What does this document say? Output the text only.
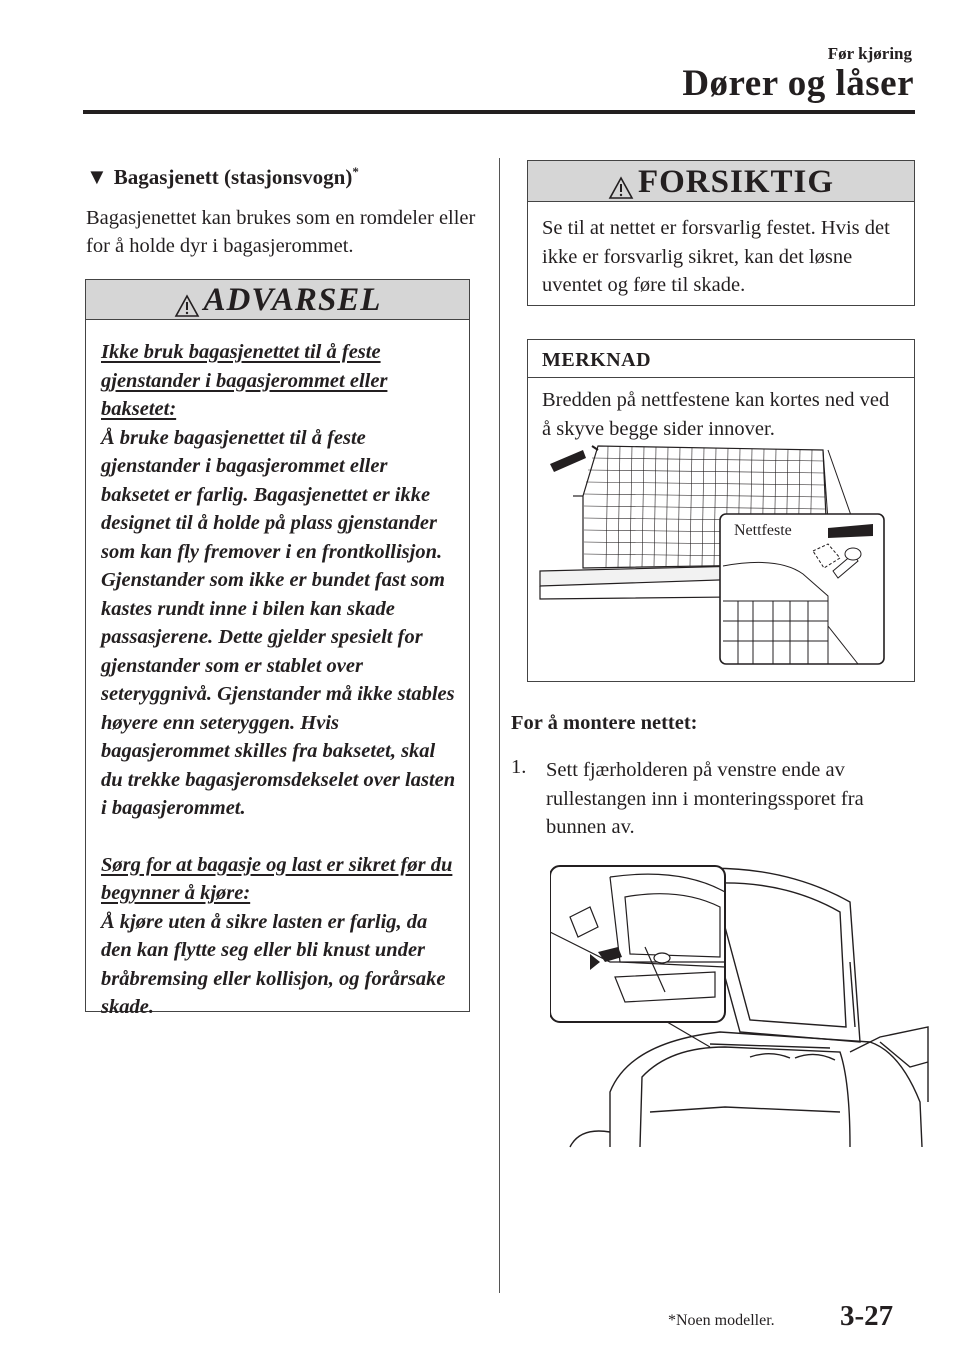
Før kjøring
Dører og låser
▼ Bagasjenett (stasjonsvogn)*
Bagasjenettet kan brukes som en romdeler eller for å holde dyr i bagasjerommet.
ADVARSEL
Ikke bruk bagasjenettet til å feste gjenstander i bagasjerommet eller baksetet:
Å bruke bagasjenettet til å feste gjenstander i bagasjerommet eller baksetet er farlig. Bagasjenettet er ikke designet til å holde på plass gjenstander som kan fly fremover i en frontkollisjon. Gjenstander som ikke er bundet fast som kastes rundt inne i bilen kan skade passasjerene. Dette gjelder spesielt for gjenstander som er stablet over seteryggnivå. Gjenstander må ikke stables høyere enn seteryggen. Hvis bagasjerommet skilles fra baksetet, skal du trekke bagasjeromsdekselet over lasten i bagasjerommet.
Sørg for at bagasje og last er sikret før du begynner å kjøre:
Å kjøre uten å sikre lasten er farlig, da den kan flytte seg eller bli knust under bråbremsing eller kollisjon, og forårsake skade.
FORSIKTIG
Se til at nettet er forsvarlig festet. Hvis det ikke er forsvarlig sikret, kan det løsne uventet og føre til skade.
MERKNAD
Bredden på nettfestene kan kortes ned ved å skyve begge sider innover.
Nettfeste
For å montere nettet:
1. Sett fjærholderen på venstre ende av rullestangen inn i monteringssporet fra bunnen av.
*Noen modeller. 3-27
